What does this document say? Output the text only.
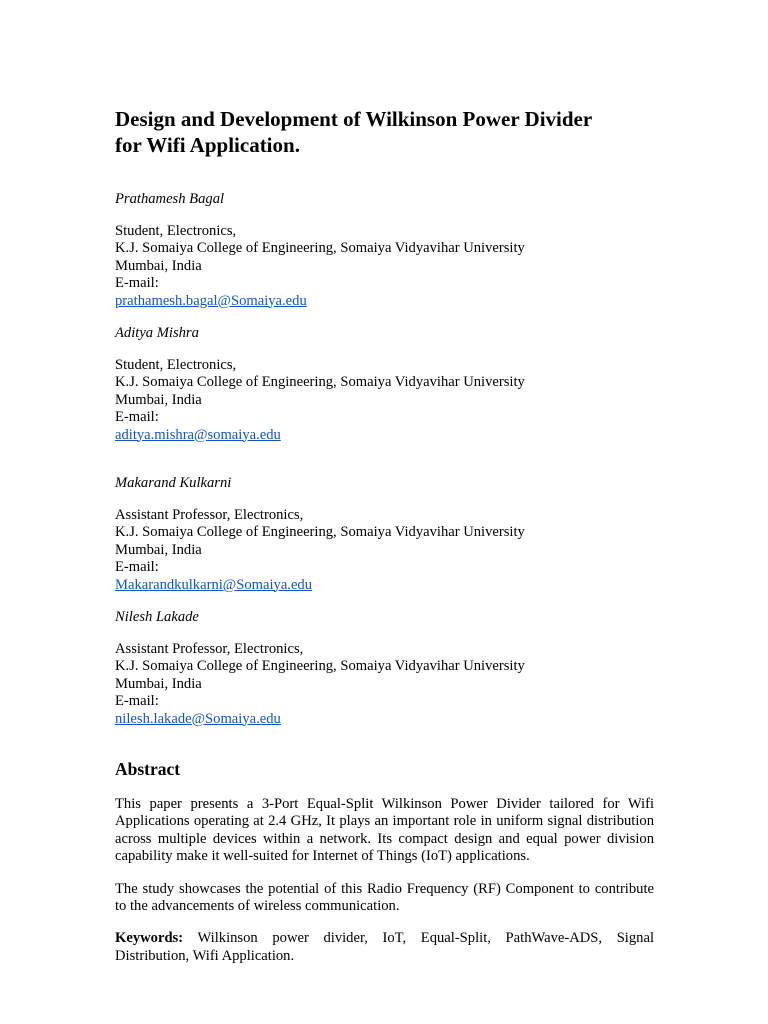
Design and Development of Wilkinson Power Divider
for Wifi Application.

Prathamesh Bagal

Student, Electronics,
K.J. Somaiya College of Engineering, Somaiya Vidyavihar University
Mumbai, India
E-mail:
prathamesh.bagal@Somaiya.edu

Aditya Mishra

Student, Electronics,
K.J. Somaiya College of Engineering, Somaiya Vidyavihar University
Mumbai, India
E-mail:
aditya.mishra@somaiya.edu

Makarand Kulkarni

Assistant Professor, Electronics,
K.J. Somaiya College of Engineering, Somaiya Vidyavihar University
Mumbai, India
E-mail:
Makarandkulkarni@Somaiya.edu

Nilesh Lakade

Assistant Professor, Electronics,
K.J. Somaiya College of Engineering, Somaiya Vidyavihar University
Mumbai, India
E-mail:
nilesh.lakade@Somaiya.edu

Abstract

This paper presents a 3-Port Equal-Split Wilkinson Power Divider tailored for Wifi Applications operating at 2.4 GHz, It plays an important role in uniform signal distribution across multiple devices within a network. Its compact design and equal power division capability make it well-suited for Internet of Things (IoT) applications.

The study showcases the potential of this Radio Frequency (RF) Component to contribute to the advancements of wireless communication.

Keywords: Wilkinson power divider, IoT, Equal-Split, PathWave-ADS, Signal Distribution, Wifi Application.
